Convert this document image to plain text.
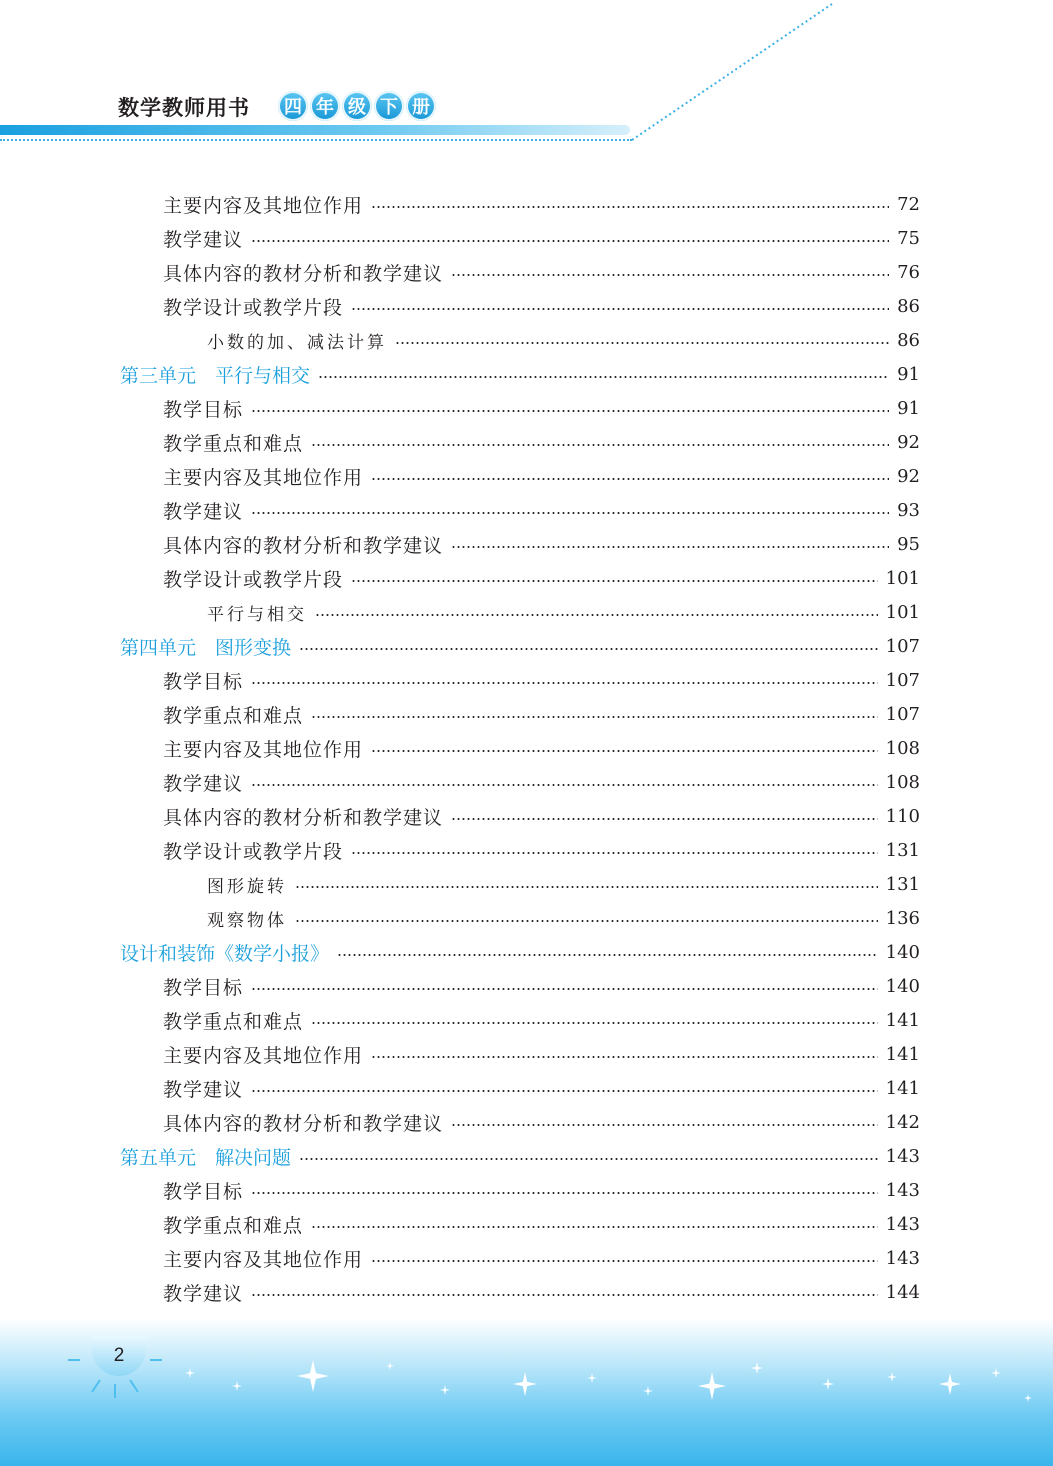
数学教师用书	四 年 级 下 册
主要内容及其地位作用	72
教学建议	75
具体内容的教材分析和教学建议	76
教学设计或教学片段	86
小数的加、减法计算	86
第三单元　平行与相交	91
教学目标	91
教学重点和难点	92
主要内容及其地位作用	92
教学建议	93
具体内容的教材分析和教学建议	95
教学设计或教学片段	101
平行与相交	101
第四单元　图形变换	107
教学目标	107
教学重点和难点	107
主要内容及其地位作用	108
教学建议	108
具体内容的教材分析和教学建议	110
教学设计或教学片段	131
图形旋转	131
观察物体	136
设计和装饰《数学小报》	140
教学目标	140
教学重点和难点	141
主要内容及其地位作用	141
教学建议	141
具体内容的教材分析和教学建议	142
第五单元　解决问题	143
教学目标	143
教学重点和难点	143
主要内容及其地位作用	143
教学建议	144
2
